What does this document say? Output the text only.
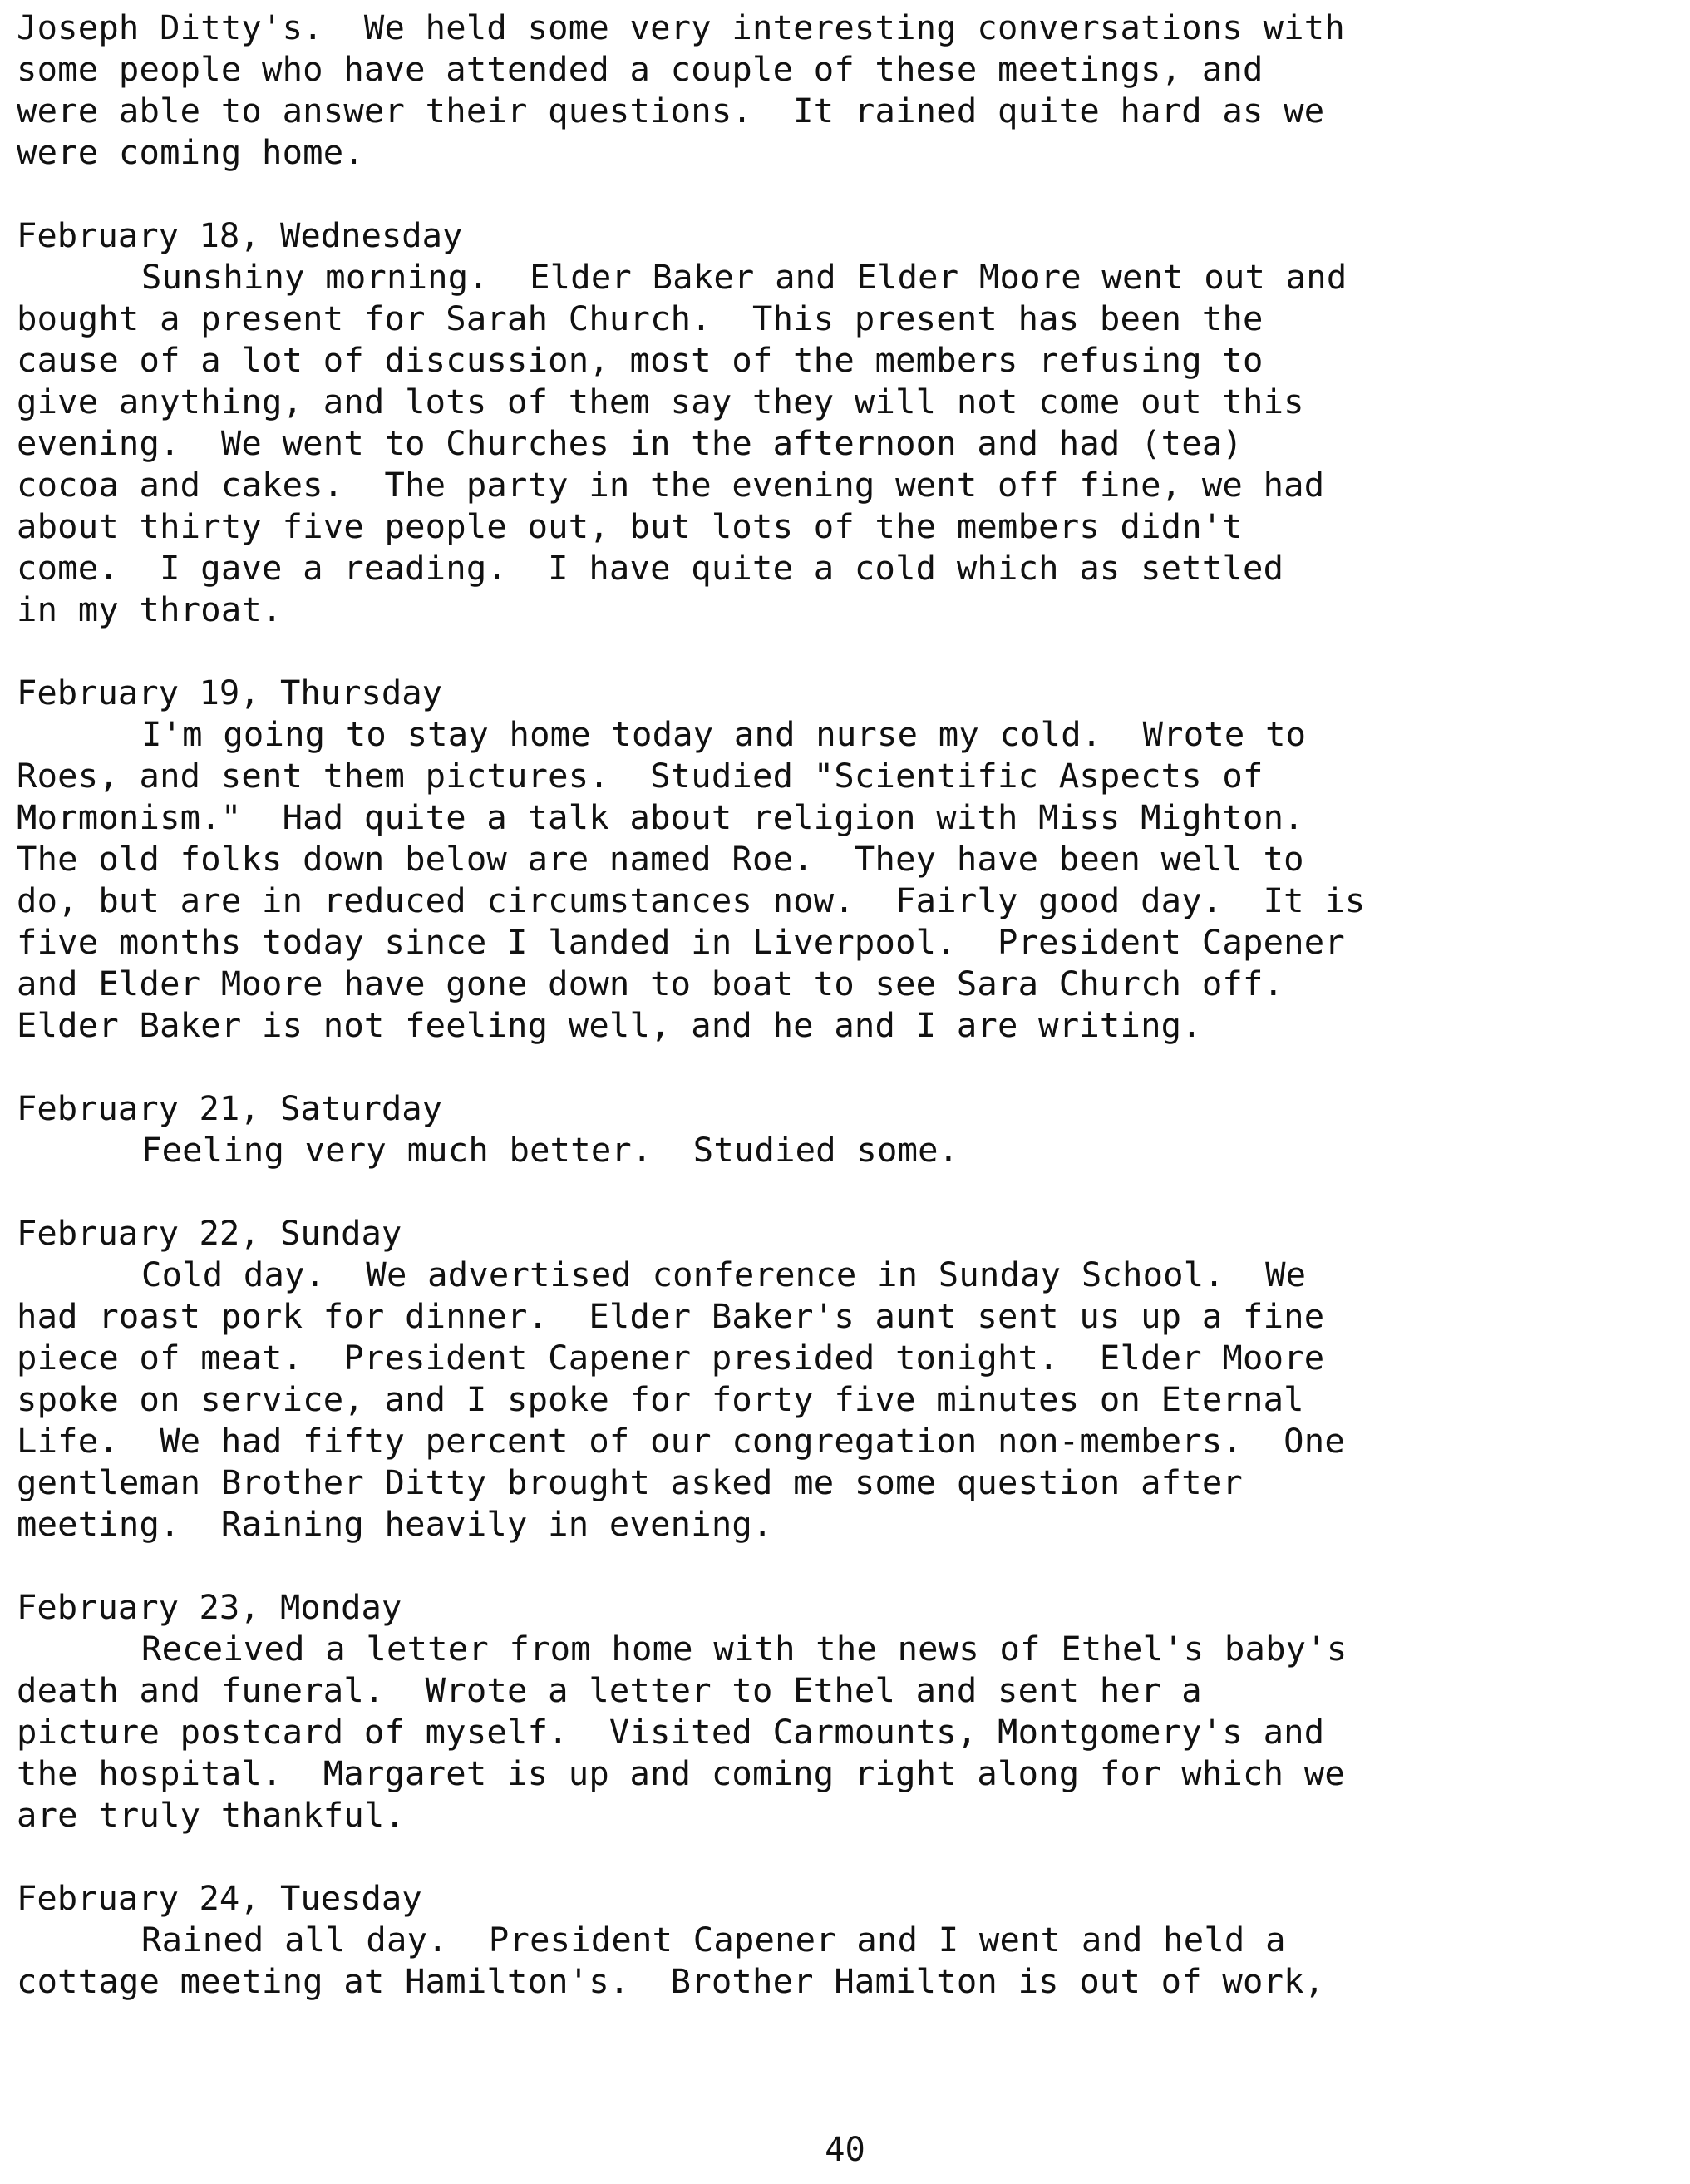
Joseph Ditty's.  We held some very interesting conversations with
some people who have attended a couple of these meetings, and
were able to answer their questions.  It rained quite hard as we
were coming home.
February 18, Wednesday
Sunshiny morning.  Elder Baker and Elder Moore went out and
bought a present for Sarah Church.  This present has been the
cause of a lot of discussion, most of the members refusing to
give anything, and lots of them say they will not come out this
evening.  We went to Churches in the afternoon and had (tea)
cocoa and cakes.  The party in the evening went off fine, we had
about thirty five people out, but lots of the members didn't
come.  I gave a reading.  I have quite a cold which as settled
in my throat.
February 19, Thursday
I'm going to stay home today and nurse my cold.  Wrote to
Roes, and sent them pictures.  Studied "Scientific Aspects of
Mormonism."  Had quite a talk about religion with Miss Mighton.
The old folks down below are named Roe.  They have been well to
do, but are in reduced circumstances now.  Fairly good day.  It is
five months today since I landed in Liverpool.  President Capener
and Elder Moore have gone down to boat to see Sara Church off.
Elder Baker is not feeling well, and he and I are writing.
February 21, Saturday
Feeling very much better.  Studied some.
February 22, Sunday
Cold day.  We advertised conference in Sunday School.  We
had roast pork for dinner.  Elder Baker's aunt sent us up a fine
piece of meat.  President Capener presided tonight.  Elder Moore
spoke on service, and I spoke for forty five minutes on Eternal
Life.  We had fifty percent of our congregation non-members.  One
gentleman Brother Ditty brought asked me some question after
meeting.  Raining heavily in evening.
February 23, Monday
Received a letter from home with the news of Ethel's baby's
death and funeral.  Wrote a letter to Ethel and sent her a
picture postcard of myself.  Visited Carmounts, Montgomery's and
the hospital.  Margaret is up and coming right along for which we
are truly thankful.
February 24, Tuesday
Rained all day.  President Capener and I went and held a
cottage meeting at Hamilton's.  Brother Hamilton is out of work,
40
